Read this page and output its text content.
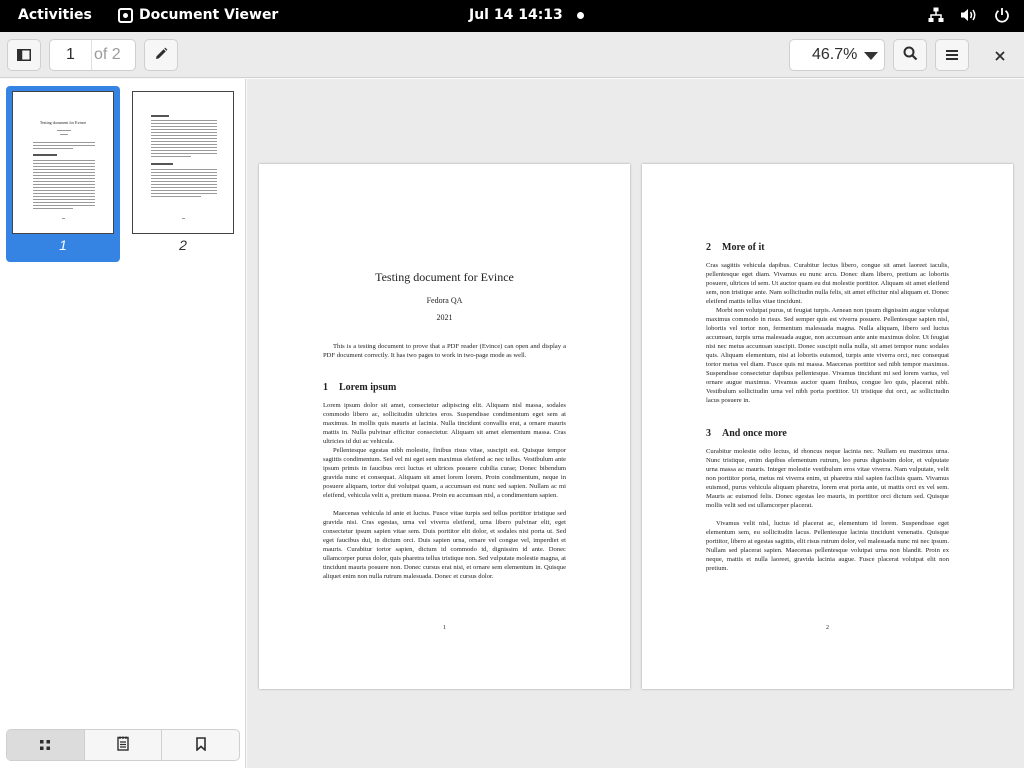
Activities	Document Viewer	Jul 14 14:13
1	of 2	46.7%
Testing document for Evince
1	2
Testing document for Evince
Fedora QA
2021
This is a testing document to prove that a PDF reader (Evince) can open and display a PDF document correctly. It has two pages to work in two-page mode as well.
1 Lorem ipsum
Lorem ipsum dolor sit amet, consectetur adipiscing elit. Aliquam nisl massa, sodales commodo libero ac, sollicitudin ultricies eros. Suspendisse condimentum eget sem at maximus. In mollis quis mauris at lacinia. Nulla tincidunt convallis erat, a ornare mauris mattis in. Nulla pulvinar efficitur consectetur. Aliquam sit amet elementum massa. Cras ultricies id dui ac vehicula.
Pellentesque egestas nibh molestie, finibus risus vitae, suscipit est. Quisque tempor sagittis condimentum. Sed vel mi eget sem maximus eleifend ac nec tellus. Vestibulum ante ipsum primis in faucibus orci luctus et ultrices posuere cubilia curae; Donec bibendum gravida nunc et consequat. Aliquam sit amet lorem lorem. Proin condimentum, neque in posuere aliquam, tortor dui volutpat quam, a accumsan est nunc sed sapien. Nullam ac mi eleifend, vehicula velit a, pretium massa. Proin eu accumsan nisl, a condimentum sapien.
Maecenas vehicula id ante et luctus. Fusce vitae turpis sed tellus porttitor tristique sed gravida nisi. Cras egestas, urna vel viverra eleifend, urna libero pulvinar elit, eget consectetur ipsum sapien vitae sem. Duis porttitor elit dolor, et sodales nisi porta ut. Sed eget faucibus dui, in dictum orci. Duis sapien urna, ornare vel congue vel, imperdiet et mauris. Curabitur tortor sapien, dictum id commodo id, dignissim id ante. Donec ullamcorper purus dolor, quis pharetra tellus tristique non. Sed vulputate molestie magna, at tincidunt mauris posuere non. Donec cursus erat nisi, et ornare sem elementum in. Quisque aliquet enim non nulla rutrum malesuada. Donec et cursus dolor.
1
2 More of it
Cras sagittis vehicula dapibus. Curabitur lectus libero, congue sit amet laoreet iaculis, pellentesque eget diam. Vivamus eu nunc arcu. Donec diam libero, pretium ac lobortis posuere, ultrices id sem. Ut auctor quam eu dui molestie porttitor. Aliquam sit amet eleifend sem, non tristique ante. Nam sollicitudin nulla felis, sit amet efficitur nisl aliquam et. Donec eleifend mattis tellus vitae tincidunt.
Morbi non volutpat purus, ut feugiat turpis. Aenean non ipsum dignissim augue volutpat maximus commodo in risus. Sed semper quis est viverra posuere. Pellentesque sapien nisl, lobortis vel tortor non, fermentum malesuada magna. Nulla aliquam, libero sed luctus accumsan, turpis urna malesuada augue, non accumsan ante ante maximus dolor. Ut feugiat nisi nec metus accumsan suscipit. Donec suscipit nulla nulla, sit amet tempor nunc sodales quis. Aliquam elementum, nisi at lobortis euismod, turpis ante viverra orci, nec consequat tortor metus vel diam. Fusce quis mi massa. Maecenas porttitor sed nibh tempor maximus. Suspendisse consectetur dapibus pellentesque. Vivamus tincidunt mi sed lorem varius, vel ornare augue maximus. Vivamus auctor quam finibus, congue leo quis, placerat nibh. Vestibulum sollicitudin urna vel nibh porta porttitor. Ut tristique dui orci, ac sollicitudin lacus posuere in.
3 And once more
Curabitur molestie odio lectus, id rhoncus neque lacinia nec. Nullam eu maximus urna. Nunc tristique, enim dapibus elementum rutrum, leo purus dignissim dolor, et vulputate urna massa ac mauris. Integer molestie vestibulum eros vitae viverra. Nam vulputate, velit non porttitor porta, metus mi viverra enim, ut pharetra nisl sapien facilisis quam. Vivamus euismod, purus vehicula aliquam pharetra, lorem erat porta ante, ut mattis orci ex vel sem. Mauris ac euismod felis. Donec egestas leo mauris, in porttitor orci dictum sed. Quisque mollis velit sed est ullamcorper placerat.
Vivamus velit nisl, luctus id placerat ac, elementum id lorem. Suspendisse eget elementum sem, eu sollicitudin lacus. Pellentesque lacinia tincidunt venenatis. Quisque porttitor, libero at egestas sagittis, elit risus rutrum dolor, vel malesuada nunc mi nec ipsum. Nullam sed placerat sapien. Maecenas pellentesque volutpat urna non blandit. Proin ex neque, mattis et nulla laoreet, gravida lacinia augue. Fusce placerat volutpat elit non pretium.
2
